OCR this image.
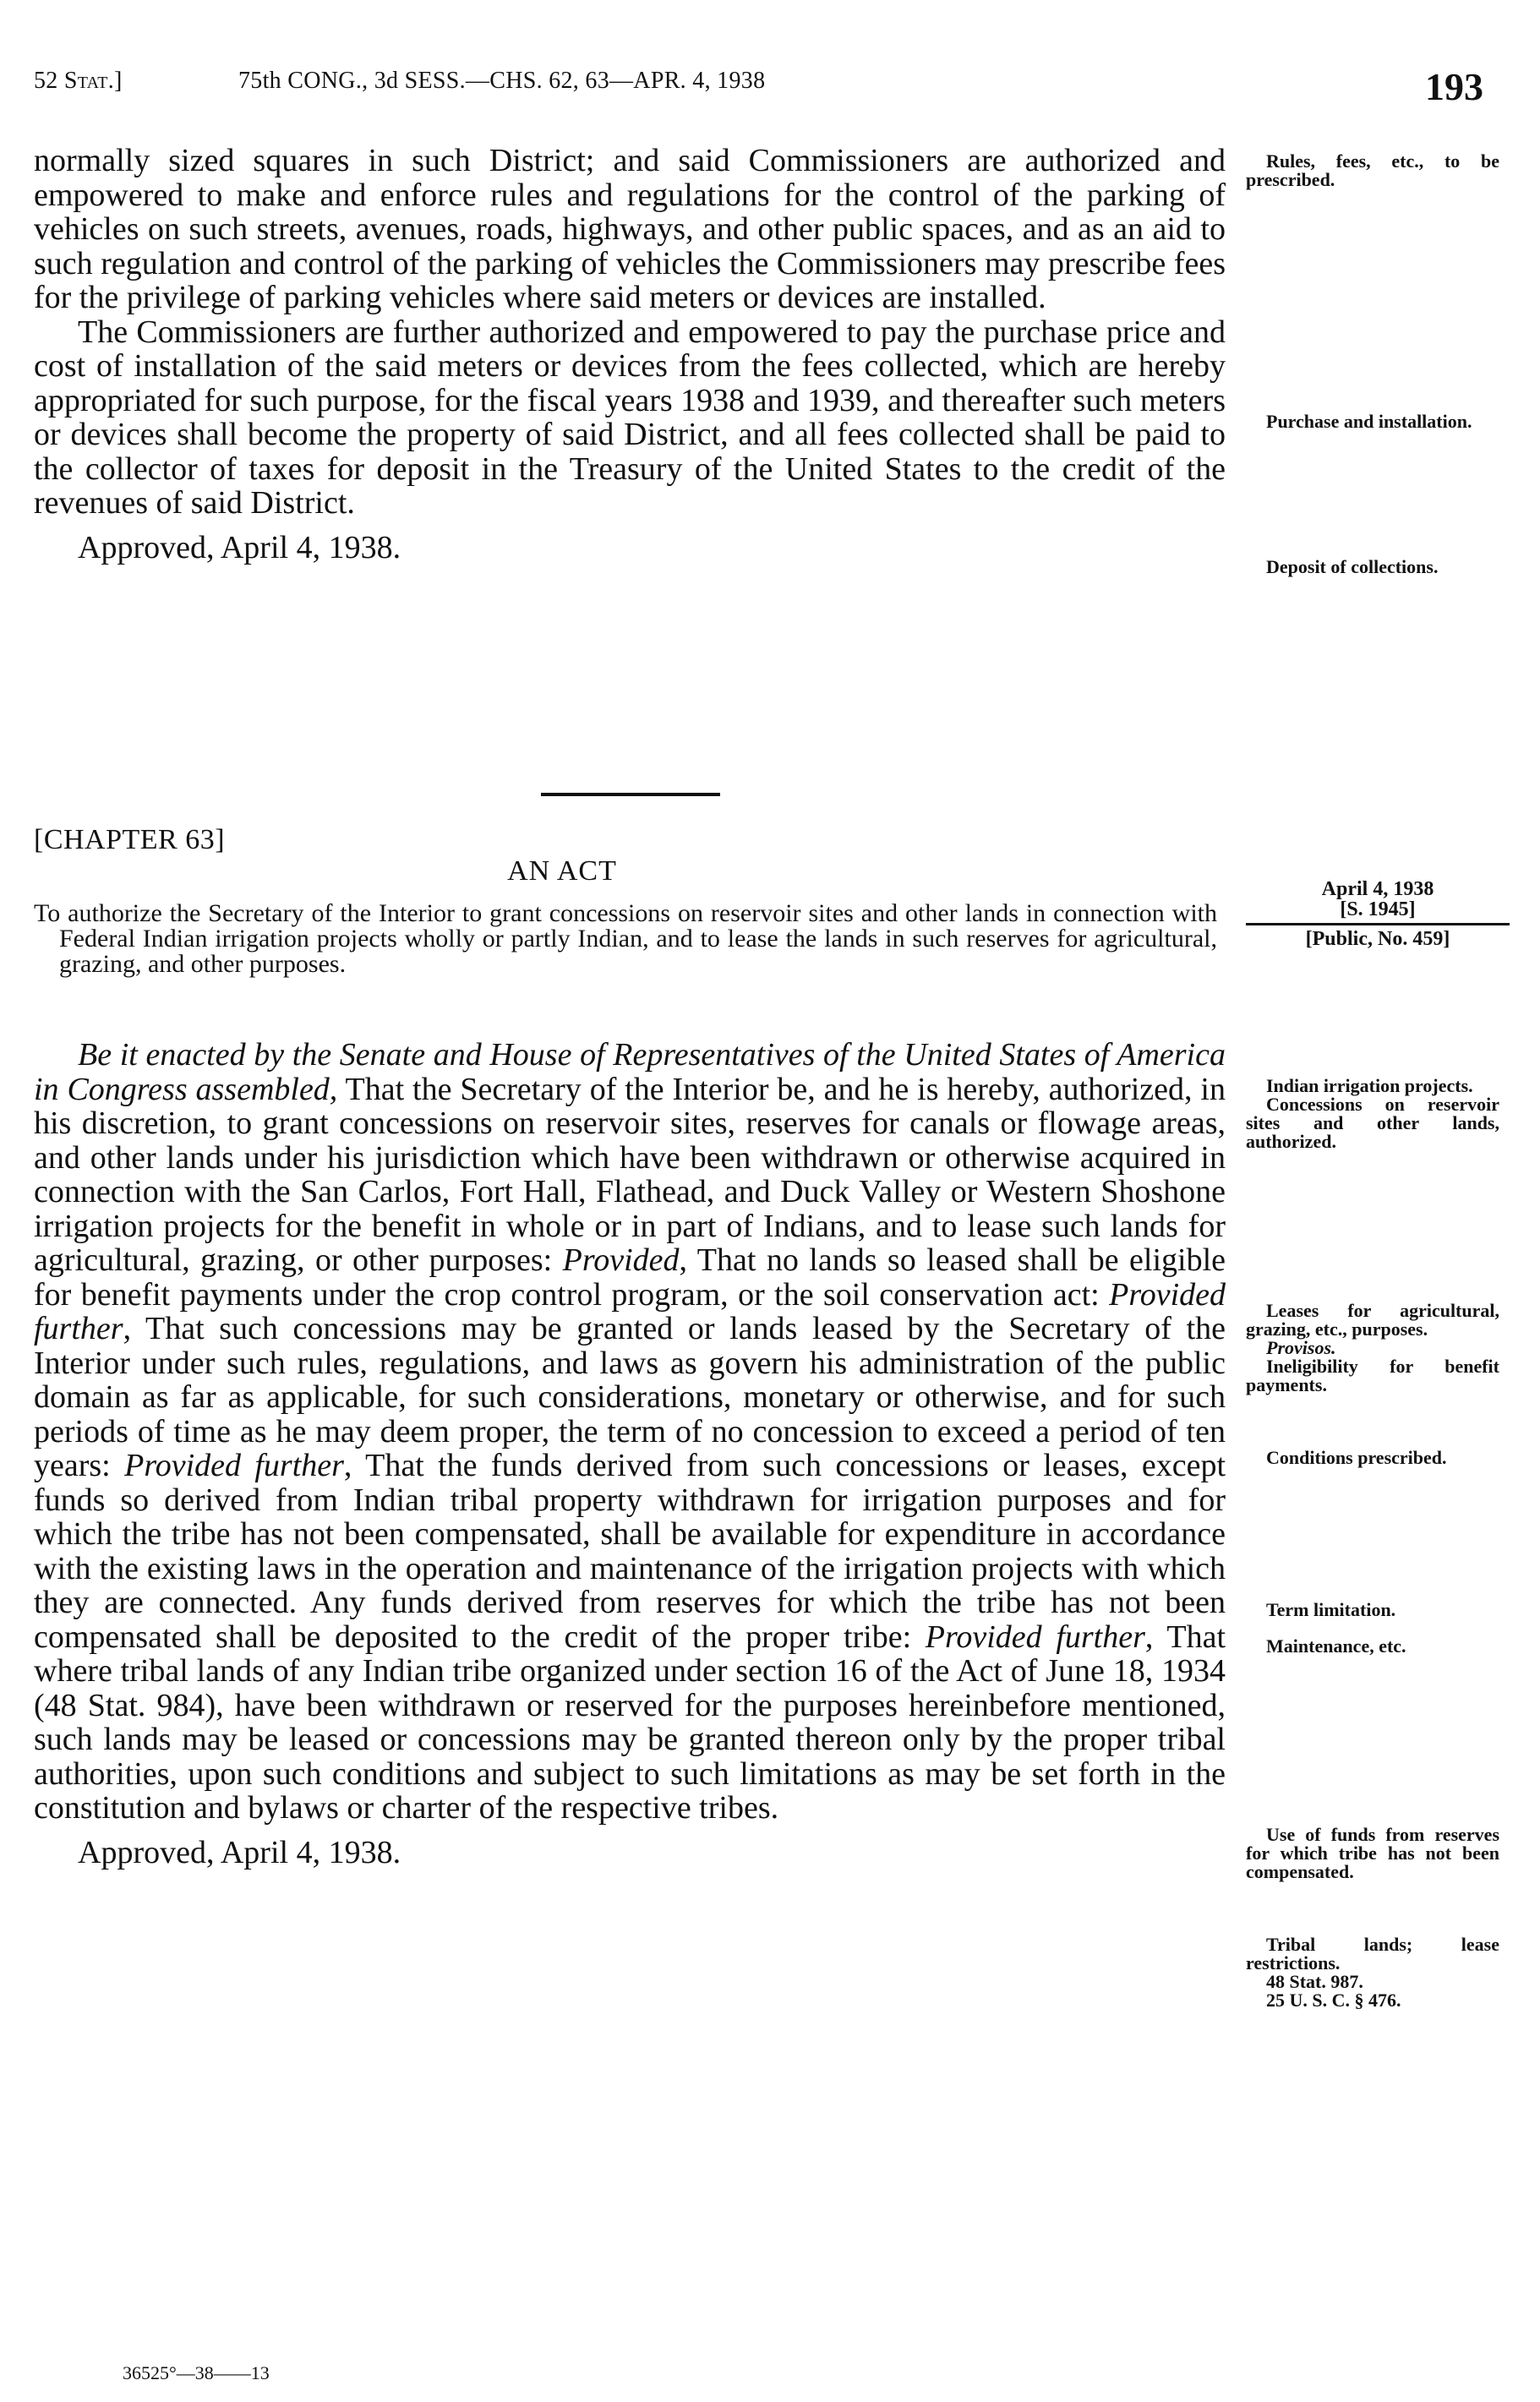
52 Stat.]	75th CONG., 3d SESS.—CHS. 62, 63—APR. 4, 1938	193

normally sized squares in such District; and said Commissioners are authorized and empowered to make and enforce rules and regulations for the control of the parking of vehicles on such streets, avenues, roads, highways, and other public spaces, and as an aid to such regulation and control of the parking of vehicles the Commissioners may prescribe fees for the privilege of parking vehicles where said meters or devices are installed.

The Commissioners are further authorized and empowered to pay the purchase price and cost of installation of the said meters or devices from the fees collected, which are hereby appropriated for such purpose, for the fiscal years 1938 and 1939, and thereafter such meters or devices shall become the property of said District, and all fees collected shall be paid to the collector of taxes for deposit in the Treasury of the United States to the credit of the revenues of said District.

Approved, April 4, 1938.

Rules, fees, etc., to be prescribed.

Purchase and installation.

Deposit of collections.

[CHAPTER 63]
AN ACT

To authorize the Secretary of the Interior to grant concessions on reservoir sites and other lands in connection with Federal Indian irrigation projects wholly or partly Indian, and to lease the lands in such reserves for agricultural, grazing, and other purposes.

April 4, 1938
[S. 1945]
[Public, No. 459]

Be it enacted by the Senate and House of Representatives of the United States of America in Congress assembled, That the Secretary of the Interior be, and he is hereby, authorized, in his discretion, to grant concessions on reservoir sites, reserves for canals or flowage areas, and other lands under his jurisdiction which have been withdrawn or otherwise acquired in connection with the San Carlos, Fort Hall, Flathead, and Duck Valley or Western Shoshone irrigation projects for the benefit in whole or in part of Indians, and to lease such lands for agricultural, grazing, or other purposes: Provided, That no lands so leased shall be eligible for benefit payments under the crop control program, or the soil conservation act: Provided further, That such concessions may be granted or lands leased by the Secretary of the Interior under such rules, regulations, and laws as govern his administration of the public domain as far as applicable, for such considerations, monetary or otherwise, and for such periods of time as he may deem proper, the term of no concession to exceed a period of ten years: Provided further, That the funds derived from such concessions or leases, except funds so derived from Indian tribal property withdrawn for irrigation purposes and for which the tribe has not been compensated, shall be available for expenditure in accordance with the existing laws in the operation and maintenance of the irrigation projects with which they are connected. Any funds derived from reserves for which the tribe has not been compensated shall be deposited to the credit of the proper tribe: Provided further, That where tribal lands of any Indian tribe organized under section 16 of the Act of June 18, 1934 (48 Stat. 984), have been withdrawn or reserved for the purposes hereinbefore mentioned, such lands may be leased or concessions may be granted thereon only by the proper tribal authorities, upon such conditions and subject to such limitations as may be set forth in the constitution and bylaws or charter of the respective tribes.

Approved, April 4, 1938.

Indian irrigation projects.

Concessions on reservoir sites and other lands, authorized.

Leases for agricultural, grazing, etc., purposes.

Provisos.

Ineligibility for benefit payments.

Conditions prescribed.

Term limitation.

Maintenance, etc.

Use of funds from reserves for which tribe has not been compensated.

Tribal lands; lease restrictions.

48 Stat. 987.

25 U. S. C. § 476.

36525°—38——13
